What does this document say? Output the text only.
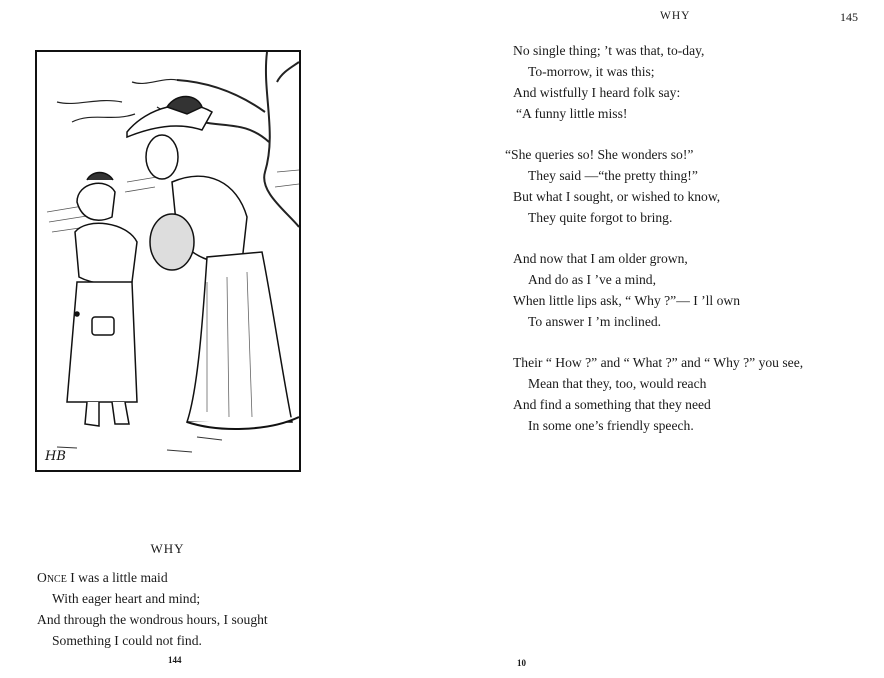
HB
WHY
Once I was a little maid
With eager heart and mind;
And through the wondrous hours, I sought
Something I could not find.
144
WHY	145
No single thing; ’t was that, to-day,
To-morrow, it was this;
And wistfully I heard folk say:
“A funny little miss!
“She queries so! She wonders so!”
They said —“the pretty thing!”
But what I sought, or wished to know,
They quite forgot to bring.
And now that I am older grown,
And do as I ’ve a mind,
When little lips ask, “ Why ?”— I ’ll own
To answer I ’m inclined.
Their “ How ?” and “ What ?” and “ Why ?” you see,
Mean that they, too, would reach
And find a something that they need
In some one’s friendly speech.
10
